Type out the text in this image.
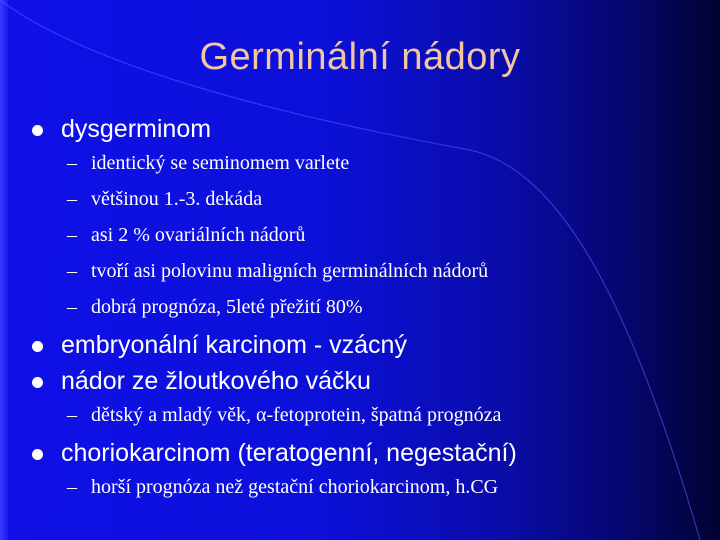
Germinální nádory
dysgerminom
– identický se seminomem varlete
– většinou 1.-3. dekáda
– asi 2 % ovariálních nádorů
– tvoří asi polovinu maligních germinálních nádorů
– dobrá prognóza, 5leté přežití 80%
embryonální karcinom - vzácný
nádor ze žloutkového váčku
– dětský a mladý věk, α-fetoprotein, špatná prognóza
choriokarcinom (teratogenní, negestační)
– horší prognóza než gestační choriokarcinom, h.CG
